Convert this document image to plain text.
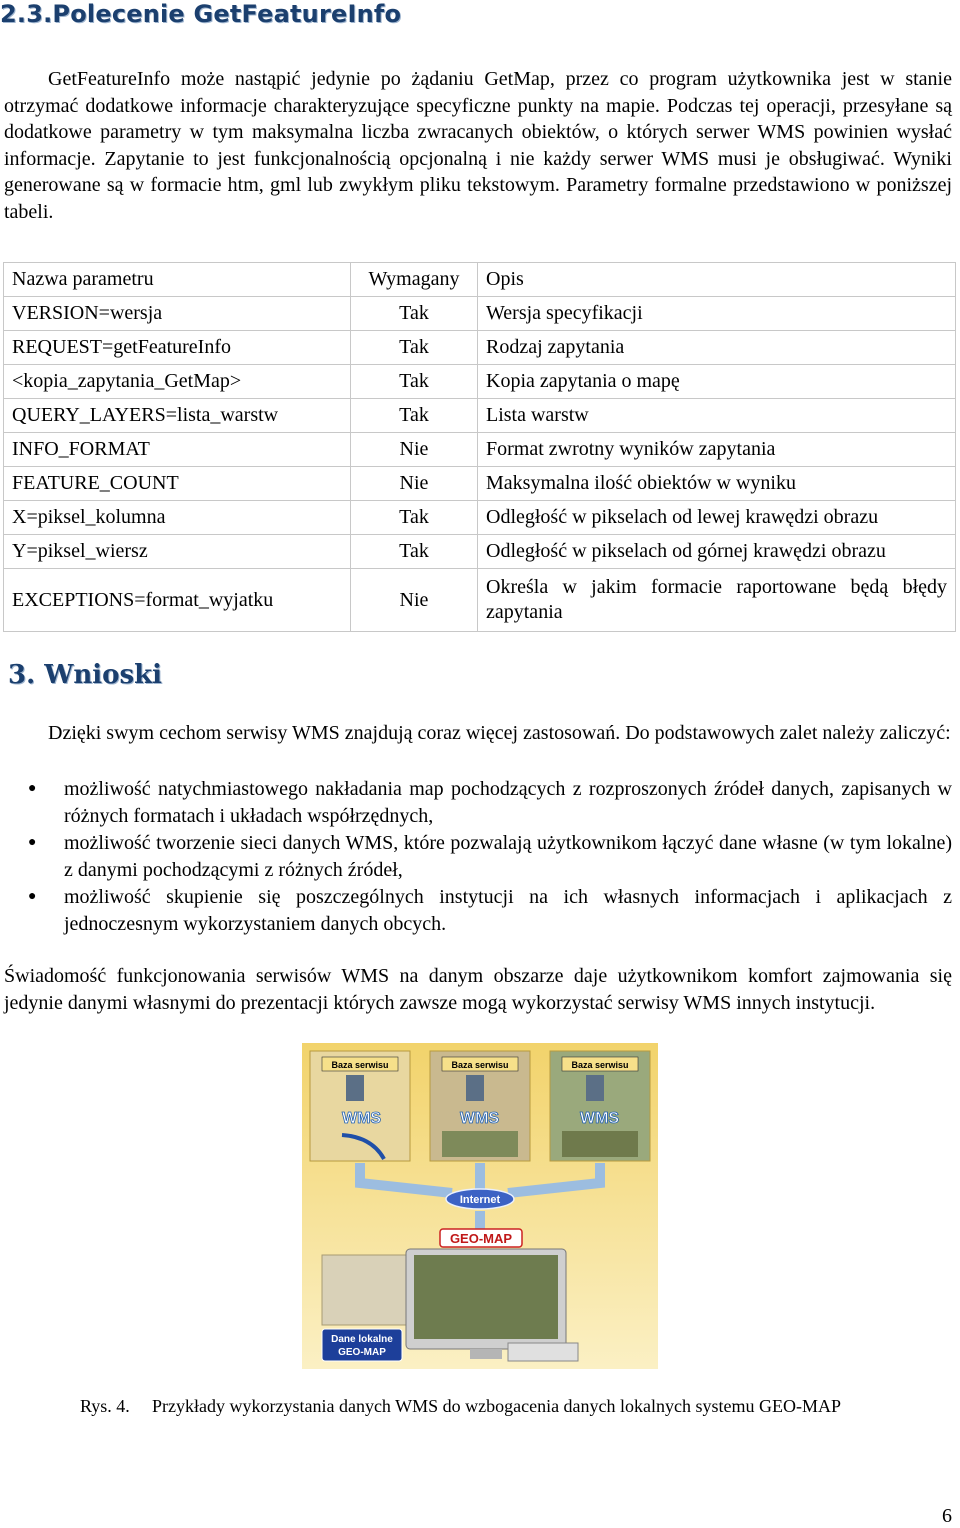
2.3.Polecenie GetFeatureInfo

GetFeatureInfo może nastąpić jedynie po żądaniu GetMap, przez co program użytkownika jest w stanie otrzymać dodatkowe informacje charakteryzujące specyficzne punkty na mapie. Podczas tej operacji, przesyłane są dodatkowe parametry w tym maksymalna liczba zwracanych obiektów, o których serwer WMS powinien wysłać informacje. Zapytanie to jest funkcjonalnością opcjonalną i nie każdy serwer WMS musi je obsługiwać. Wyniki generowane są w formacie htm, gml lub zwykłym pliku tekstowym. Parametry formalne przedstawiono w poniższej tabeli.

Nazwa parametru	Wymagany	Opis
VERSION=wersja	Tak	Wersja specyfikacji
REQUEST=getFeatureInfo	Tak	Rodzaj zapytania
<kopia_zapytania_GetMap>	Tak	Kopia zapytania o mapę
QUERY_LAYERS=lista_warstw	Tak	Lista warstw
INFO_FORMAT	Nie	Format zwrotny wyników zapytania
FEATURE_COUNT	Nie	Maksymalna ilość obiektów w wyniku
X=piksel_kolumna	Tak	Odległość w pikselach od lewej krawędzi obrazu
Y=piksel_wiersz	Tak	Odległość w pikselach od górnej krawędzi obrazu
EXCEPTIONS=format_wyjatku	Nie	Określa w jakim formacie raportowane będą błędy zapytania
3. Wnioski

Dzięki swym cechom serwisy WMS znajdują coraz więcej zastosowań. Do podstawowych zalet należy zaliczyć:

● możliwość natychmiastowego nakładania map pochodzących z rozproszonych źródeł danych, zapisanych w różnych formatach i układach współrzędnych,
● możliwość tworzenie sieci danych WMS, które pozwalają użytkownikom łączyć dane własne (w tym lokalne) z danymi pochodzącymi z różnych źródeł,
● możliwość skupienie się poszczególnych instytucji na ich własnych informacjach i aplikacjach z jednoczesnym wykorzystaniem danych obcych.

Świadomość funkcjonowania serwisów WMS na danym obszarze daje użytkownikom komfort zajmowania się jedynie danymi własnymi do prezentacji których zawsze mogą wykorzystać serwisy WMS innych instytucji.

Baza serwisu
WMS
Baza serwisu
WMS
Baza serwisu
WMS
Internet
GEO-MAP
Dane lokalne
GEO-MAP
Rys. 4. Przykłady wykorzystania danych WMS do wzbogacenia danych lokalnych systemu GEO-MAP
6
